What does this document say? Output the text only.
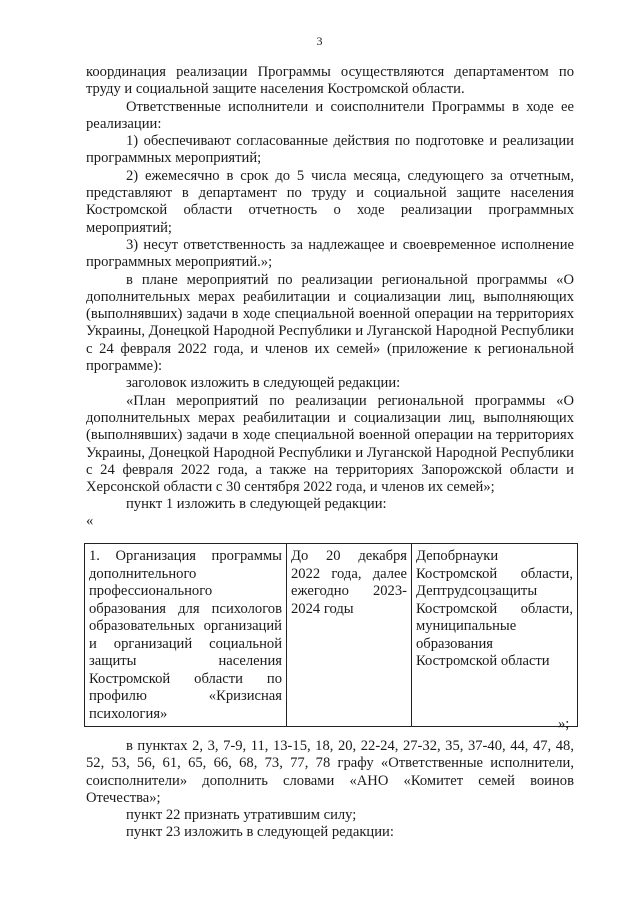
3

координация реализации Программы осуществляются департаментом по труду и социальной защите населения Костромской области.

Ответственные исполнители и соисполнители Программы в ходе ее реализации:

1) обеспечивают согласованные действия по подготовке и реализации программных мероприятий;

2) ежемесячно в срок до 5 числа месяца, следующего за отчетным, представляют в департамент по труду и социальной защите населения Костромской области отчетность о ходе реализации программных мероприятий;

3) несут ответственность за надлежащее и своевременное исполнение программных мероприятий.»;

в плане мероприятий по реализации региональной программы «О дополнительных мерах реабилитации и социализации лиц, выполняющих (выполнявших) задачи в ходе специальной военной операции на территориях Украины, Донецкой Народной Республики и Луганской Народной Республики с 24 февраля 2022 года, и членов их семей» (приложение к региональной программе):

заголовок изложить в следующей редакции:

«План мероприятий по реализации региональной программы «О дополнительных мерах реабилитации и социализации лиц, выполняющих (выполнявших) задачи в ходе специальной военной операции на территориях Украины, Донецкой Народной Республики и Луганской Народной Республики с 24 февраля 2022 года, а также на территориях Запорожской области и Херсонской области с 30 сентября 2022 года, и членов их семей»;

пункт 1 изложить в следующей редакции:

«

1. Организация программы дополнительного профессионального образования для психологов образовательных организаций и организаций социальной защиты населения Костромской области по профилю «Кризисная психология»	До 20 декабря 2022 года, далее ежегодно 2023-2024 годы	Депобрнауки Костромской области, Дептрудсоцзащиты Костромской области, муниципальные образования Костромской области
»;

в пунктах 2, 3, 7-9, 11, 13-15, 18, 20, 22-24, 27-32, 35, 37-40, 44, 47, 48, 52, 53, 56, 61, 65, 66, 68, 73, 77, 78 графу «Ответственные исполнители, соисполнители» дополнить словами «АНО «Комитет семей воинов Отечества»;

пункт 22 признать утратившим силу;

пункт 23 изложить в следующей редакции:
